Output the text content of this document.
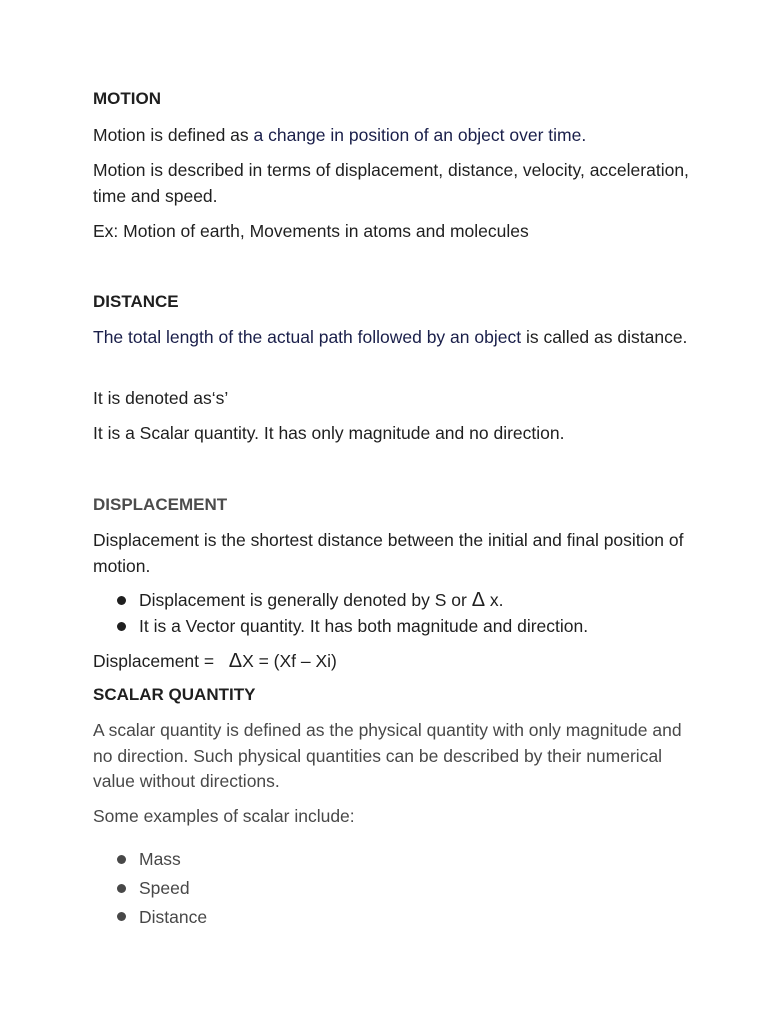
MOTION

Motion is defined as a change in position of an object over time.

Motion is described in terms of displacement, distance, velocity, acceleration, time and speed.

Ex: Motion of earth, Movements in atoms and molecules

DISTANCE

The total length of the actual path followed by an object is called as distance.

It is denoted as‘s’

It is a Scalar quantity. It has only magnitude and no direction.

DISPLACEMENT

Displacement is the shortest distance between the initial and final position of motion.

Displacement is generally denoted by S or Δ x.
It is a Vector quantity. It has both magnitude and direction.

Displacement =   ΔX = (Xf – Xi)

SCALAR QUANTITY

A scalar quantity is defined as the physical quantity with only magnitude and no direction. Such physical quantities can be described by their numerical value without directions.

Some examples of scalar include:

Mass
Speed
Distance
